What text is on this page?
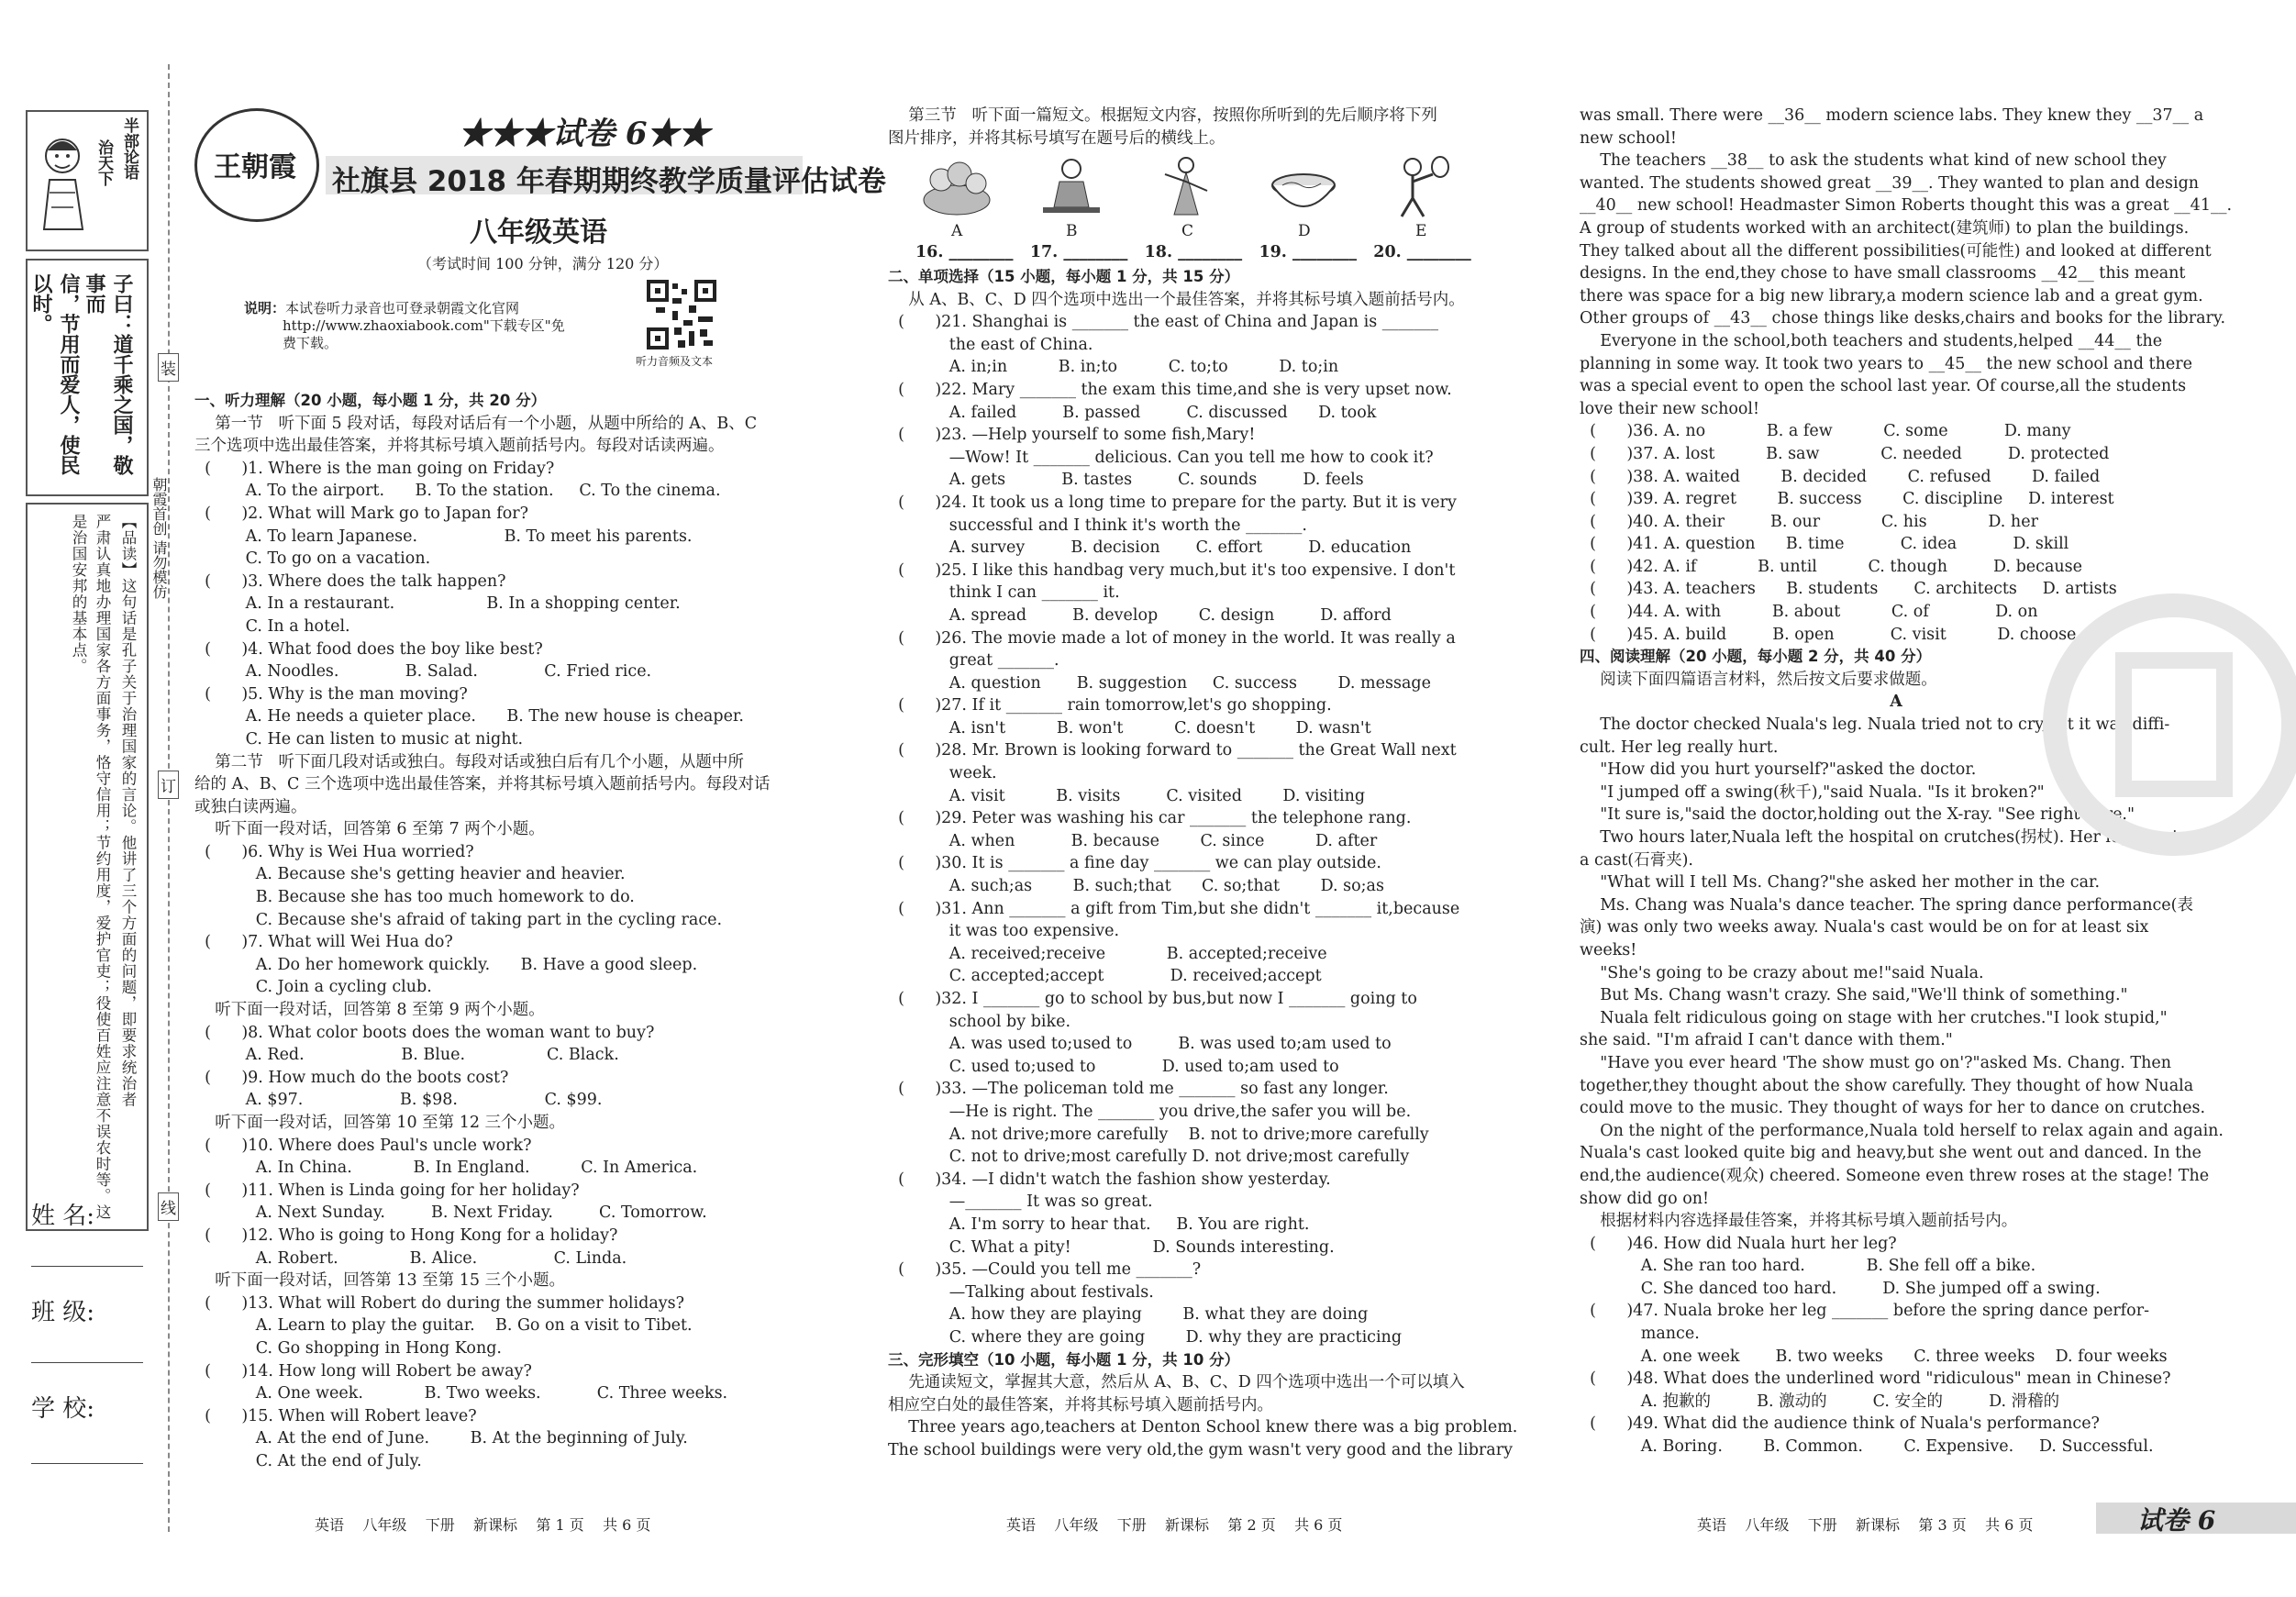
半部论语
治天下
子曰：道千乘之国，敬事而
信，节用而爱人，使民以时。
【品读】这句话是孔子关于治理国家的言论。他讲了三个方面的问题，即要求统治者
严肃认真地办理国家各方面事务，恪守信用；节约用度，爱护官吏；役使百姓应注意不误农时等。这是治国安邦的基本点。
姓 名:
班 级:
学 校:
装
订
线
朝霞首创 请勿模仿
王朝霞
★★★试卷 6★★
社旗县 2018 年春期期终教学质量评估试卷
八年级英语
（考试时间 100 分钟，满分 120 分）
说明：本试卷听力录音也可登录朝霞文化官网
http://www.zhaoxiabook.com"下载专区"免
费下载。
听力音频及文本
一、听力理解（20 小题，每小题 1 分，共 20 分）
第一节   听下面 5 段对话，每段对话后有一个小题，从题中所给的 A、B、C
三个选项中选出最佳答案，并将其标号填入题前括号内。每段对话读两遍。
(      )1. Where is the man going on Friday?
A. To the airport.      B. To the station.     C. To the cinema.
(      )2. What will Mark go to Japan for?
A. To learn Japanese.                 B. To meet his parents.
C. To go on a vacation.
(      )3. Where does the talk happen?
A. In a restaurant.                  B. In a shopping center.
C. In a hotel.
(      )4. What food does the boy like best?
A. Noodles.             B. Salad.             C. Fried rice.
(      )5. Why is the man moving?
A. He needs a quieter place.      B. The new house is cheaper.
C. He can listen to music at night.
第二节   听下面几段对话或独白。每段对话或独白后有几个小题，从题中所
给的 A、B、C 三个选项中选出最佳答案，并将其标号填入题前括号内。每段对话
或独白读两遍。
听下面一段对话，回答第 6 至第 7 两个小题。
(      )6. Why is Wei Hua worried?
A. Because she's getting heavier and heavier.
B. Because she has too much homework to do.
C. Because she's afraid of taking part in the cycling race.
(      )7. What will Wei Hua do?
A. Do her homework quickly.      B. Have a good sleep.
C. Join a cycling club.
听下面一段对话，回答第 8 至第 9 两个小题。
(      )8. What color boots does the woman want to buy?
A. Red.                   B. Blue.                C. Black.
(      )9. How much do the boots cost?
A. $97.                   B. $98.                 C. $99.
听下面一段对话，回答第 10 至第 12 三个小题。
(      )10. Where does Paul's uncle work?
A. In China.            B. In England.          C. In America.
(      )11. When is Linda going for her holiday?
A. Next Sunday.         B. Next Friday.         C. Tomorrow.
(      )12. Who is going to Hong Kong for a holiday?
A. Robert.              B. Alice.               C. Linda.
听下面一段对话，回答第 13 至第 15 三个小题。
(      )13. What will Robert do during the summer holidays?
A. Learn to play the guitar.    B. Go on a visit to Tibet.
C. Go shopping in Hong Kong.
(      )14. How long will Robert be away?
A. One week.            B. Two weeks.           C. Three weeks.
(      )15. When will Robert leave?
A. At the end of June.        B. At the beginning of July.
C. At the end of July.
第三节   听下面一篇短文。根据短文内容，按照你所听到的先后顺序将下列
图片排序，并将其标号填写在题号后的横线上。
A	B	C	D	E
16. ________   17. ________   18. ________   19. ________   20. ________
二、单项选择（15 小题，每小题 1 分，共 15 分）
从 A、B、C、D 四个选项中选出一个最佳答案，并将其标号填入题前括号内。
(      )21. Shanghai is _______ the east of China and Japan is _______
the east of China.
A. in;in          B. in;to          C. to;to          D. to;in
(      )22. Mary _______ the exam this time,and she is very upset now.
A. failed         B. passed         C. discussed      D. took
(      )23. —Help yourself to some fish,Mary!
—Wow! It _______ delicious. Can you tell me how to cook it?
A. gets           B. tastes         C. sounds         D. feels
(      )24. It took us a long time to prepare for the party. But it is very
successful and I think it's worth the _______.
A. survey         B. decision       C. effort         D. education
(      )25. I like this handbag very much,but it's too expensive. I don't
think I can _______ it.
A. spread         B. develop        C. design         D. afford
(      )26. The movie made a lot of money in the world. It was really a
great _______.
A. question       B. suggestion     C. success        D. message
(      )27. If it _______ rain tomorrow,let's go shopping.
A. isn't          B. won't          C. doesn't        D. wasn't
(      )28. Mr. Brown is looking forward to _______ the Great Wall next
week.
A. visit          B. visits         C. visited        D. visiting
(      )29. Peter was washing his car _______ the telephone rang.
A. when           B. because        C. since          D. after
(      )30. It is _______ a fine day _______ we can play outside.
A. such;as        B. such;that      C. so;that        D. so;as
(      )31. Ann _______ a gift from Tim,but she didn't _______ it,because
it was too expensive.
A. received;receive            B. accepted;receive
C. accepted;accept             D. received;accept
(      )32. I _______ go to school by bus,but now I _______ going to
school by bike.
A. was used to;used to         B. was used to;am used to
C. used to;used to             D. used to;am used to
(      )33. —The policeman told me _______ so fast any longer.
—He is right. The _______ you drive,the safer you will be.
A. not drive;more carefully    B. not to drive;more carefully
C. not to drive;most carefully D. not drive;most carefully
(      )34. —I didn't watch the fashion show yesterday.
—_______ It was so great.
A. I'm sorry to hear that.     B. You are right.
C. What a pity!                D. Sounds interesting.
(      )35. —Could you tell me _______?
—Talking about festivals.
A. how they are playing        B. what they are doing
C. where they are going        D. why they are practicing
三、完形填空（10 小题，每小题 1 分，共 10 分）
先通读短文，掌握其大意，然后从 A、B、C、D 四个选项中选出一个可以填入
相应空白处的最佳答案，并将其标号填入题前括号内。
Three years ago,teachers at Denton School knew there was a big problem.
The school buildings were very old,the gym wasn't very good and the library
was small. There were __36__ modern science labs. They knew they __37__ a
new school!
The teachers __38__ to ask the students what kind of new school they
wanted. The students showed great __39__. They wanted to plan and design
__40__ new school! Headmaster Simon Roberts thought this was a great __41__.
A group of students worked with an architect(建筑师) to plan the buildings.
They talked about all the different possibilities(可能性) and looked at different
designs. In the end,they chose to have small classrooms __42__ this meant
there was space for a big new library,a modern science lab and a great gym.
Other groups of __43__ chose things like desks,chairs and books for the library.
Everyone in the school,both teachers and students,helped __44__ the
planning in some way. It took two years to __45__ the new school and there
was a special event to open the school last year. Of course,all the students
love their new school!
(      )36. A. no            B. a few          C. some           D. many
(      )37. A. lost          B. saw            C. needed         D. protected
(      )38. A. waited        B. decided        C. refused        D. failed
(      )39. A. regret        B. success        C. discipline     D. interest
(      )40. A. their         B. our            C. his            D. her
(      )41. A. question      B. time           C. idea           D. skill
(      )42. A. if            B. until          C. though         D. because
(      )43. A. teachers      B. students       C. architects     D. artists
(      )44. A. with          B. about          C. of             D. on
(      )45. A. build         B. open           C. visit          D. choose
四、阅读理解（20 小题，每小题 2 分，共 40 分）
阅读下面四篇语言材料，然后按文后要求做题。
A
The doctor checked Nuala's leg. Nuala tried not to cry,but it was diffi-
cult. Her leg really hurt.
"How did you hurt yourself?"asked the doctor.
"I jumped off a swing(秋千),"said Nuala. "Is it broken?"
"It sure is,"said the doctor,holding out the X-ray. "See right here."
Two hours later,Nuala left the hospital on crutches(拐杖). Her leg was in
a cast(石膏夹).
"What will I tell Ms. Chang?"she asked her mother in the car.
Ms. Chang was Nuala's dance teacher. The spring dance performance(表
演) was only two weeks away. Nuala's cast would be on for at least six
weeks!
"She's going to be crazy about me!"said Nuala.
But Ms. Chang wasn't crazy. She said,"We'll think of something."
Nuala felt ridiculous going on stage with her crutches."I look stupid,"
she said. "I'm afraid I can't dance with them."
"Have you ever heard 'The show must go on'?"asked Ms. Chang. Then
together,they thought about the show carefully. They thought of how Nuala
could move to the music. They thought of ways for her to dance on crutches.
On the night of the performance,Nuala told herself to relax again and again.
Nuala's cast looked quite big and heavy,but she went out and danced. In the
end,the audience(观众) cheered. Someone even threw roses at the stage! The
show did go on!
根据材料内容选择最佳答案，并将其标号填入题前括号内。
(      )46. How did Nuala hurt her leg?
A. She ran too hard.            B. She fell off a bike.
C. She danced too hard.         D. She jumped off a swing.
(      )47. Nuala broke her leg _______ before the spring dance perfor-
mance.
A. one week       B. two weeks      C. three weeks    D. four weeks
(      )48. What does the underlined word "ridiculous" mean in Chinese?
A. 抱歉的         B. 激动的         C. 安全的         D. 滑稽的
(      )49. What did the audience think of Nuala's performance?
A. Boring.        B. Common.        C. Expensive.     D. Successful.
英语    八年级    下册    新课标    第 1 页    共 6 页	英语    八年级    下册    新课标    第 2 页    共 6 页	英语    八年级    下册    新课标    第 3 页    共 6 页	试卷 6
